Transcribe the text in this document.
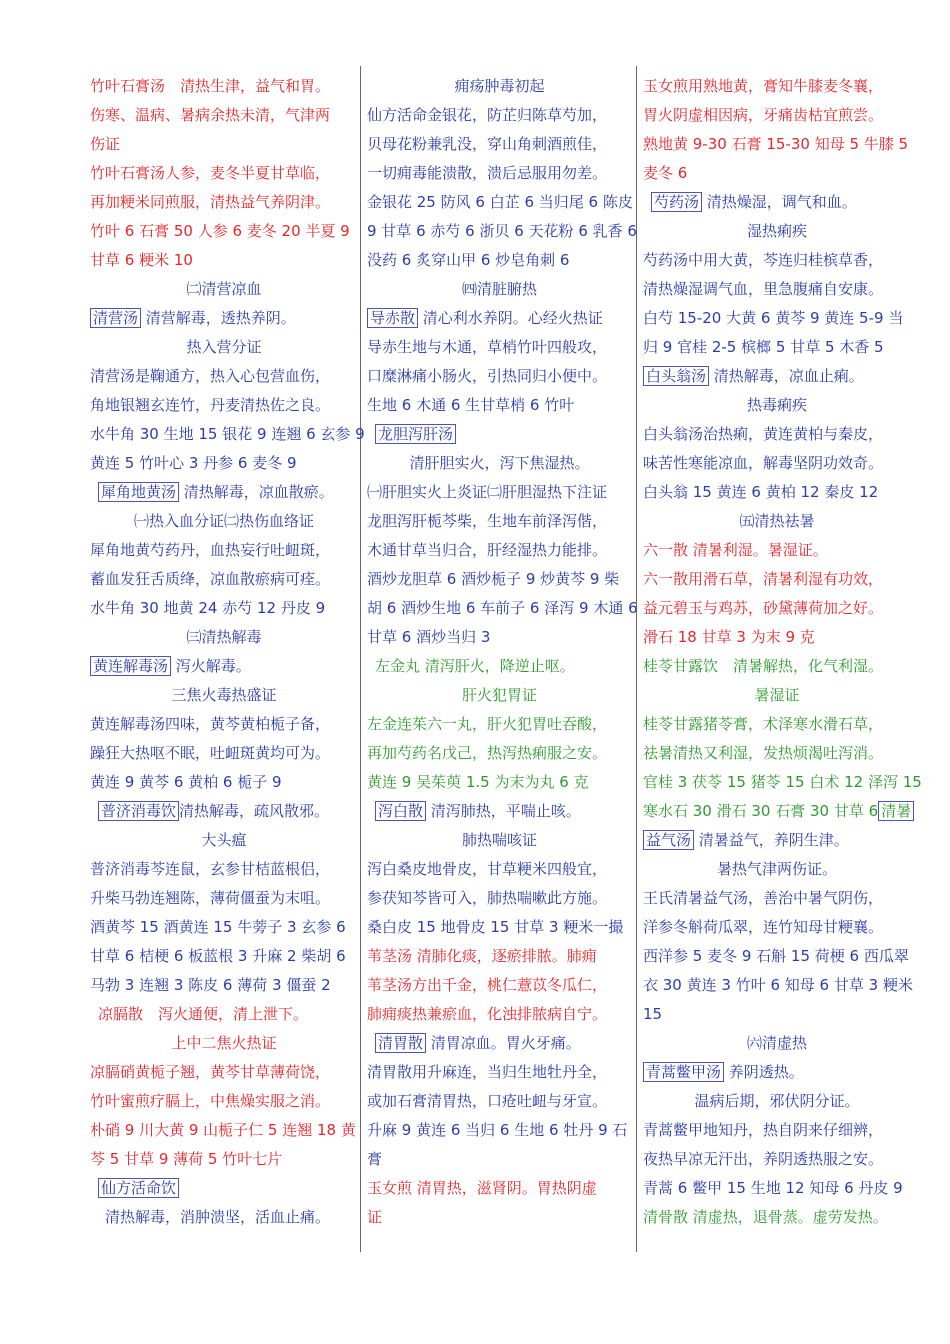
竹叶石膏汤　清热生津，益气和胃。
伤寒、温病、暑病余热未清，气津两
伤证
竹叶石膏汤人参，麦冬半夏甘草临，
再加粳米同煎服，清热益气养阴津。
竹叶 6 石膏 50 人参 6 麦冬 20 半夏 9
甘草 6 粳米 10
㈡清营凉血
清营汤 清营解毒，透热养阴。
热入营分证
清营汤是鞠通方，热入心包营血伤，
角地银翘玄连竹，丹麦清热佐之良。
水牛角 30 生地 15 银花 9 连翘 6 玄参 9
黄连 5 竹叶心 3 丹参 6 麦冬 9
犀角地黄汤 清热解毒，凉血散瘀。
㈠热入血分证㈡热伤血络证
犀角地黄芍药丹，血热妄行吐衄斑，
蓄血发狂舌质绛，凉血散瘀病可痊。
水牛角 30 地黄 24 赤芍 12 丹皮 9
㈢清热解毒
黄连解毒汤 泻火解毒。
三焦火毒热盛证
黄连解毒汤四味，黄芩黄柏栀子备，
躁狂大热呕不眠，吐衄斑黄均可为。
黄连 9 黄芩 6 黄柏 6 栀子 9
普济消毒饮 清热解毒，疏风散邪。
大头瘟
普济消毒芩连鼠，玄参甘桔蓝根侣，
升柴马勃连翘陈，薄荷僵蚕为末咀。
酒黄芩 15 酒黄连 15 牛蒡子 3 玄参 6
甘草 6 桔梗 6 板蓝根 3 升麻 2 柴胡 6
马勃 3 连翘 3 陈皮 6 薄荷 3 僵蚕 2
凉膈散　泻火通便，清上泄下。
上中二焦火热证
凉膈硝黄栀子翘，黄芩甘草薄荷饶，
竹叶蜜煎疗膈上，中焦燥实服之消。
朴硝 9 川大黄 9 山栀子仁 5 连翘 18 黄
芩 5 甘草 9 薄荷 5 竹叶七片
仙方活命饮
　清热解毒，消肿溃坚，活血止痛。
痈疡肿毒初起
仙方活命金银花，防芷归陈草芍加，
贝母花粉兼乳没，穿山角刺酒煎佳，
一切痈毒能溃散，溃后忌服用勿差。
金银花 25 防风 6 白芷 6 当归尾 6 陈皮
9 甘草 6 赤芍 6 浙贝 6 天花粉 6 乳香 6
没药 6 炙穿山甲 6 炒皂角刺 6
㈣清脏腑热
导赤散 清心利水养阴。心经火热证
导赤生地与木通，草梢竹叶四般攻，
口糜淋痛小肠火，引热同归小便中。
生地 6 木通 6 生甘草梢 6 竹叶
龙胆泻肝汤
清肝胆实火，泻下焦湿热。
㈠肝胆实火上炎证㈡肝胆湿热下注证
龙胆泻肝栀芩柴，生地车前泽泻偕，
木通甘草当归合，肝经湿热力能排。
酒炒龙胆草 6 酒炒栀子 9 炒黄芩 9 柴
胡 6 酒炒生地 6 车前子 6 泽泻 9 木通 6
甘草 6 酒炒当归 3
左金丸 清泻肝火，降逆止呕。
肝火犯胃证
左金连茱六一丸，肝火犯胃吐吞酸，
再加芍药名戊己，热泻热痢服之安。
黄连 9 吴茱萸 1.5 为末为丸 6 克
泻白散 清泻肺热，平喘止咳。
肺热喘咳证
泻白桑皮地骨皮，甘草粳米四般宜，
参茯知芩皆可入，肺热喘嗽此方施。
桑白皮 15 地骨皮 15 甘草 3 粳米一撮
苇茎汤 清肺化痰，逐瘀排脓。肺痈
苇茎汤方出千金，桃仁薏苡冬瓜仁，
肺痈痰热兼瘀血，化浊排脓病自宁。
清胃散 清胃凉血。胃火牙痛。
清胃散用升麻连，当归生地牡丹全，
或加石膏清胃热，口疮吐衄与牙宣。
升麻 9 黄连 6 当归 6 生地 6 牡丹 9 石
膏
玉女煎 清胃热，滋肾阴。胃热阴虚
证
玉女煎用熟地黄，膏知牛膝麦冬襄，
胃火阴虚相因病，牙痛齿枯宜煎尝。
熟地黄 9-30 石膏 15-30 知母 5 牛膝 5
麦冬 6
芍药汤 清热燥湿，调气和血。
湿热痢疾
芍药汤中用大黄，芩连归桂槟草香，
清热燥湿调气血，里急腹痛自安康。
白芍 15-20 大黄 6 黄芩 9 黄连 5-9 当
归 9 官桂 2-5 槟榔 5 甘草 5 木香 5
白头翁汤 清热解毒，凉血止痢。
热毒痢疾
白头翁汤治热痢，黄连黄柏与秦皮，
味苦性寒能凉血，解毒坚阴功效奇。
白头翁 15 黄连 6 黄柏 12 秦皮 12
㈤清热祛暑
六一散 清暑利湿。暑湿证。
六一散用滑石草，清暑利湿有功效，
益元碧玉与鸡苏，砂黛薄荷加之好。
滑石 18 甘草 3 为末 9 克
桂苓甘露饮　清暑解热，化气利湿。
暑湿证
桂苓甘露猪苓膏，术泽寒水滑石草，
祛暑清热又利湿，发热烦渴吐泻消。
官桂 3 茯苓 15 猪苓 15 白术 12 泽泻 15
寒水石 30 滑石 30 石膏 30 甘草 6 清暑
益气汤 清暑益气，养阴生津。
暑热气津两伤证。
王氏清暑益气汤，善治中暑气阴伤，
洋参冬斛荷瓜翠，连竹知母甘粳襄。
西洋参 5 麦冬 9 石斛 15 荷梗 6 西瓜翠
衣 30 黄连 3 竹叶 6 知母 6 甘草 3 粳米
15
㈥清虚热
青蒿鳖甲汤 养阴透热。
温病后期，邪伏阴分证。
青蒿鳖甲地知丹，热自阴来仔细辨，
夜热早凉无汗出，养阴透热服之安。
青蒿 6 鳖甲 15 生地 12 知母 6 丹皮 9
清骨散 清虚热，退骨蒸。虚劳发热。
